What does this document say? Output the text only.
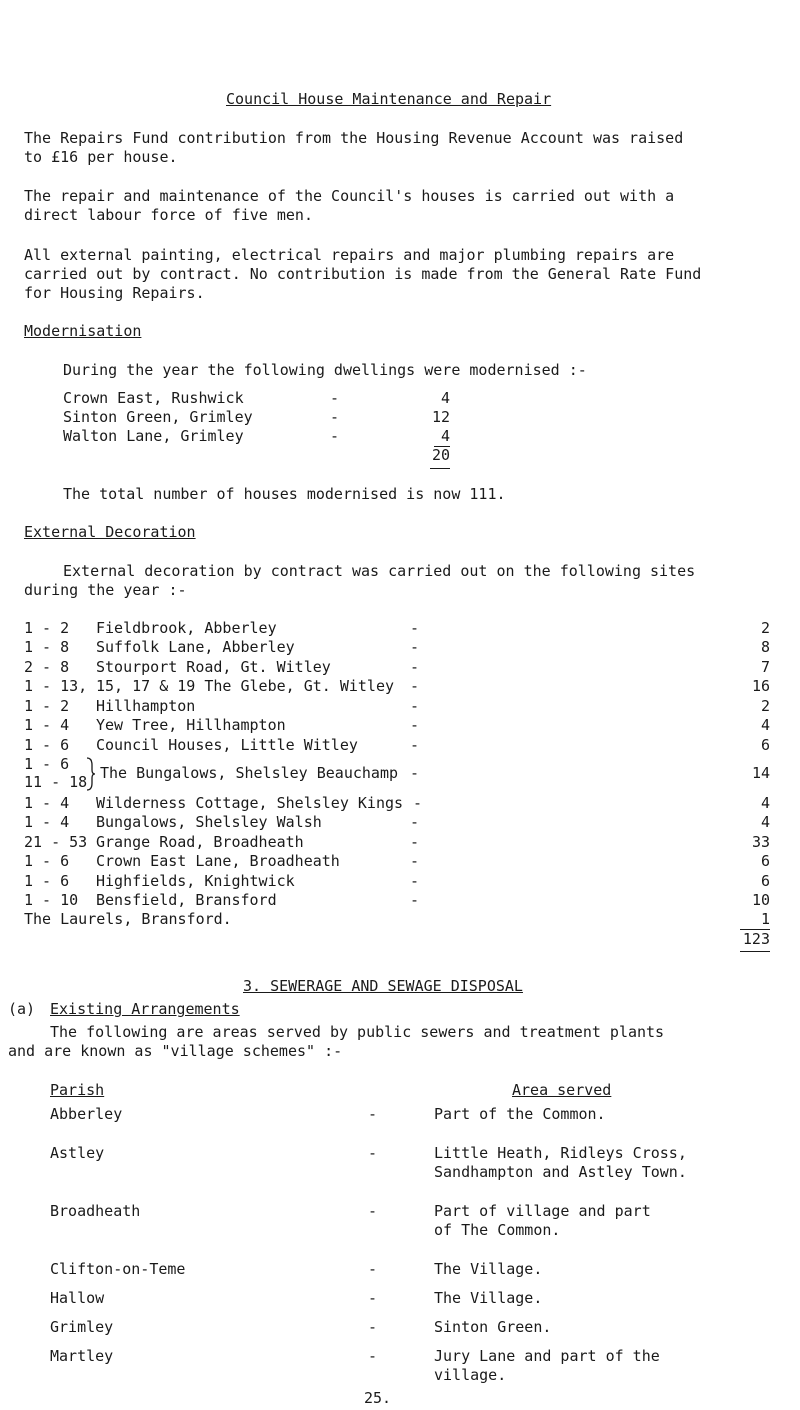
Council House Maintenance and Repair
The Repairs Fund contribution from the Housing Revenue Account was raised
to £16 per house.
The repair and maintenance of the Council's houses is carried out with a
direct labour force of five men.
All external painting, electrical repairs and major plumbing repairs are
carried out by contract. No contribution is made from the General Rate Fund
for Housing Repairs.
Modernisation
During the year the following dwellings were modernised :-
Crown East, Rushwick	-	4
Sinton Green, Grimley	-	12
Walton Lane, Grimley	-	4
20
The total number of houses modernised is now 111.
External Decoration
External decoration by contract was carried out on the following sites
during the year :-
1 - 2 Fieldbrook, Abberley	-	2
1 - 8 Suffolk Lane, Abberley	-	8
2 - 8 Stourport Road, Gt. Witley	-	7
1 - 13, 15, 17 & 19 The Glebe, Gt. Witley -	16
1 - 2 Hillhampton	-	2
1 - 4 Yew Tree, Hillhampton	-	4
1 - 6 Council Houses, Little Witley	-	6
1 - 6
11 - 18 The Bungalows, Shelsley Beauchamp -	14
1 - 4 Wilderness Cottage, Shelsley Kings -	4
1 - 4 Bungalows, Shelsley Walsh	-	4
21 - 53 Grange Road, Broadheath	-	33
1 - 6 Crown East Lane, Broadheath	-	6
1 - 6 Highfields, Knightwick	-	6
1 - 10 Bensfield, Bransford	-	10
The Laurels, Bransford.	1
123
3. SEWERAGE AND SEWAGE DISPOSAL
(a) Existing Arrangements
The following are areas served by public sewers and treatment plants
and are known as "village schemes" :-
Parish	Area served
Abberley	-	Part of the Common.
Astley	-	Little Heath, Ridleys Cross,
Sandhampton and Astley Town.
Broadheath	-	Part of village and part
of The Common.
Clifton-on-Teme	-	The Village.
Hallow	-	The Village.
Grimley	-	Sinton Green.
Martley	-	Jury Lane and part of the
village.
25.
